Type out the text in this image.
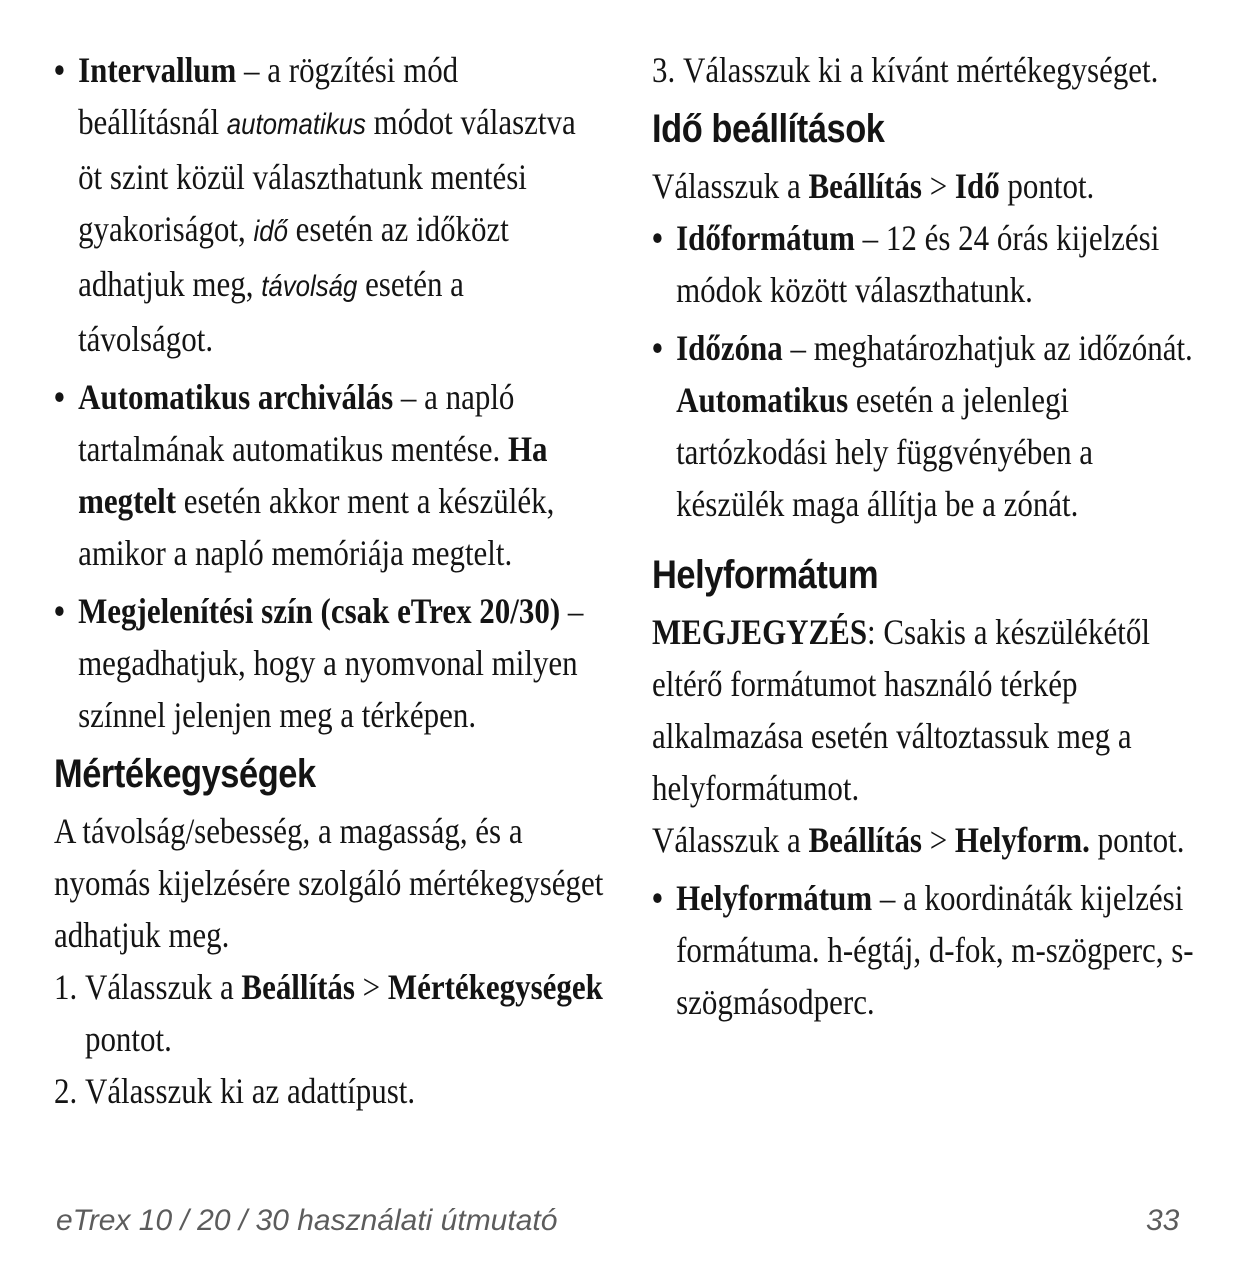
• Intervallum – a rögzítési mód beállításnál automatikus módot választva öt szint közül választhatunk mentési gyakoriságot, idő esetén az időközt adhatjuk meg, távolság esetén a távolságot.

• Automatikus archiválás – a napló tartalmának automatikus mentése. Ha megtelt esetén akkor ment a készülék, amikor a napló memóriája megtelt.

• Megjelenítési szín (csak eTrex 20/30) – megadhatjuk, hogy a nyomvonal milyen színnel jelenjen meg a térképen.

Mértékegységek

A távolság/sebesség, a magasság, és a nyomás kijelzésére szolgáló mértékegységet adhatjuk meg.

1. Válasszuk a Beállítás > Mértékegységek pontot.

2. Válasszuk ki az adattípust.

3. Válasszuk ki a kívánt mértékegységet.

Idő beállítások

Válasszuk a Beállítás > Idő pontot.

• Időformátum – 12 és 24 órás kijelzési módok között választhatunk.

• Időzóna – meghatározhatjuk az időzónát. Automatikus esetén a jelenlegi tartózkodási hely függvényében a készülék maga állítja be a zónát.

Helyformátum

MEGJEGYZÉS: Csakis a készülékétől eltérő formátumot használó térkép alkalmazása esetén változtassuk meg a helyformátumot.

Válasszuk a Beállítás > Helyform. pontot.

• Helyformátum – a koordináták kijelzési formátuma. h-égtáj, d-fok, m-szögperc, s-szögmásodperc.

eTrex 10 / 20 / 30 használati útmutató	33
